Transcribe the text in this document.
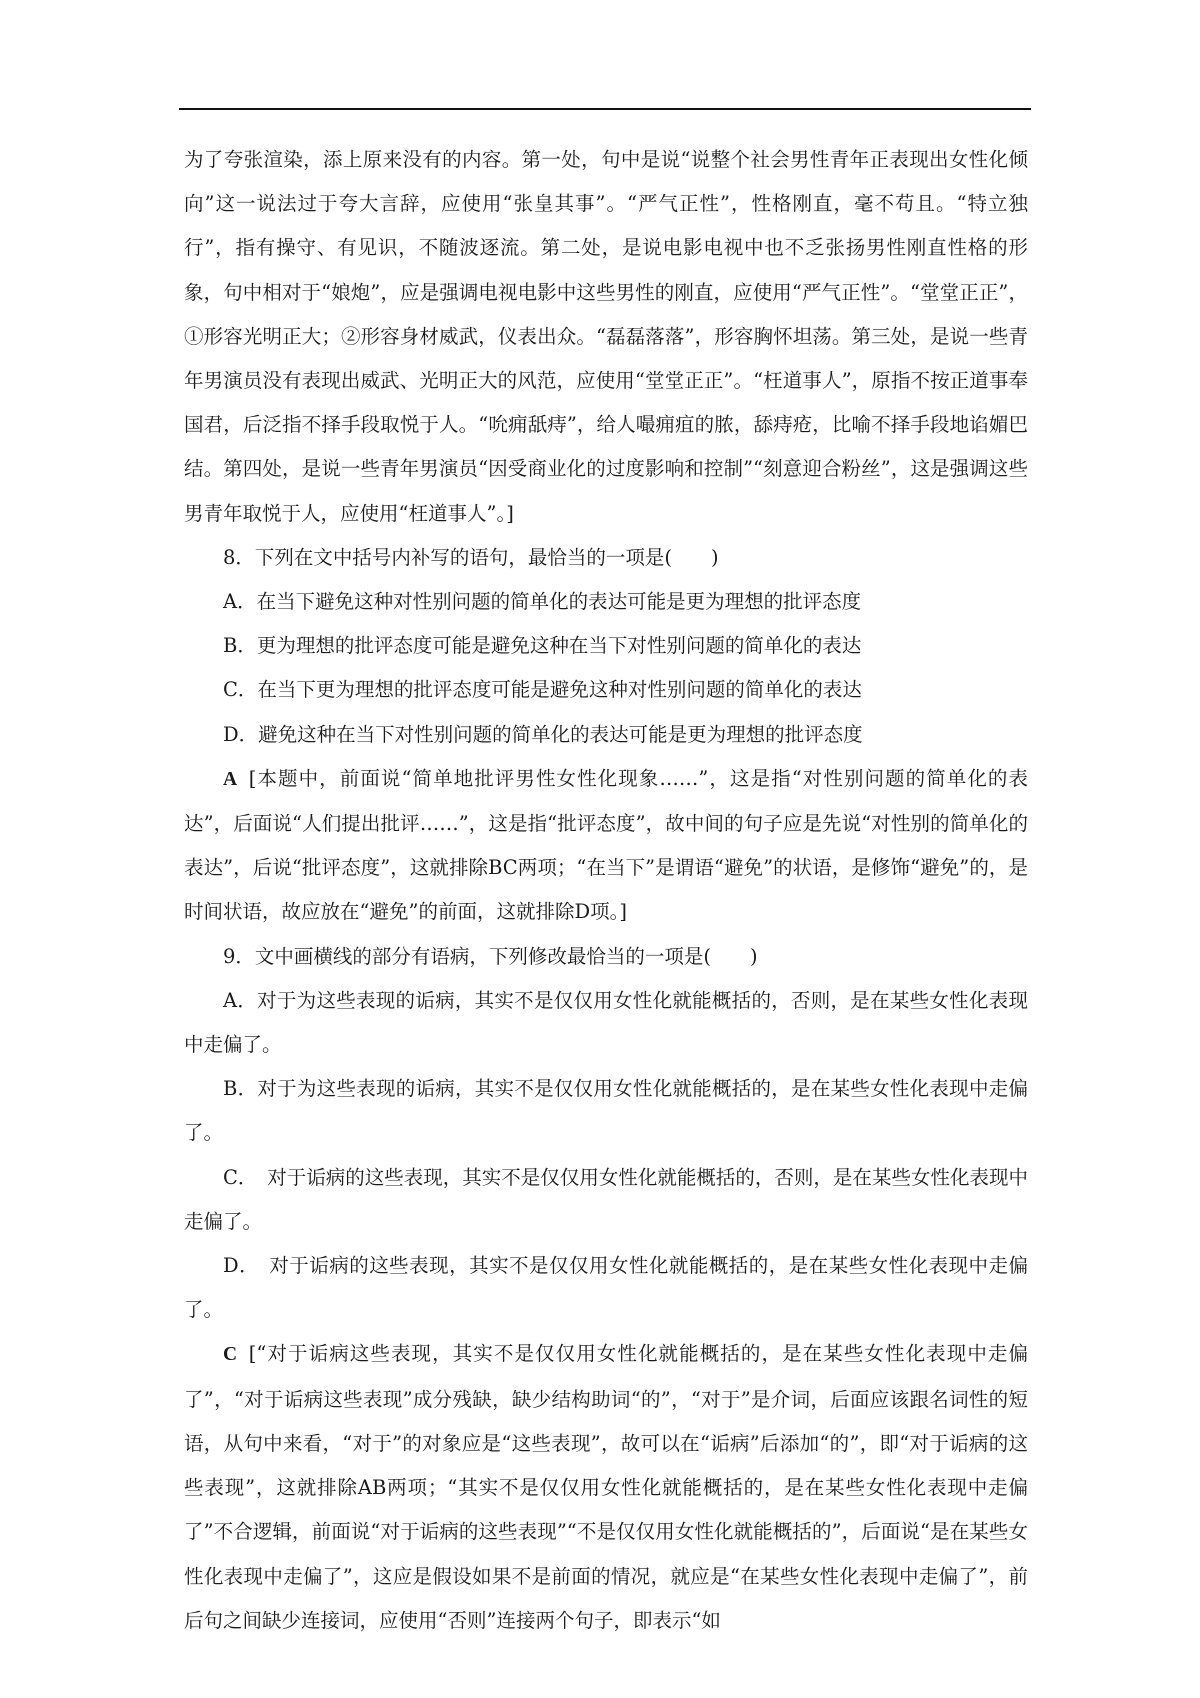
为了夸张渲染，添上原来没有的内容。第一处，句中是说“说整个社会男性青年正表现出女性化倾向”这一说法过于夸大言辞，应使用“张皇其事”。“严气正性”，性格刚直，毫不苟且。“特立独行”，指有操守、有见识，不随波逐流。第二处，是说电影电视中也不乏张扬男性刚直性格的形象，句中相对于“娘炮”，应是强调电视电影中这些男性的刚直，应使用“严气正性”。“堂堂正正”，①形容光明正大；②形容身材威武，仪表出众。“磊磊落落”，形容胸怀坦荡。第三处，是说一些青年男演员没有表现出威武、光明正大的风范，应使用“堂堂正正”。“枉道事人”，原指不按正道事奉国君，后泛指不择手段取悦于人。“吮痈舐痔”，给人嘬痈疽的脓，舔痔疮，比喻不择手段地谄媚巴结。第四处，是说一些青年男演员“因受商业化的过度影响和控制”“刻意迎合粉丝”，这是强调这些男青年取悦于人，应使用“枉道事人”。]

8．下列在文中括号内补写的语句，最恰当的一项是(　　)

A．在当下避免这种对性别问题的简单化的表达可能是更为理想的批评态度

B．更为理想的批评态度可能是避免这种在当下对性别问题的简单化的表达

C．在当下更为理想的批评态度可能是避免这种对性别问题的简单化的表达

D．避免这种在当下对性别问题的简单化的表达可能是更为理想的批评态度

A [本题中，前面说“简单地批评男性女性化现象……”，这是指“对性别问题的简单化的表达”，后面说“人们提出批评……”，这是指“批评态度”，故中间的句子应是先说“对性别的简单化的表达”，后说“批评态度”，这就排除BC两项；“在当下”是谓语“避免”的状语，是修饰“避免”的，是时间状语，故应放在“避免”的前面，这就排除D项。]

9．文中画横线的部分有语病，下列修改最恰当的一项是(　　)

A．对于为这些表现的诟病，其实不是仅仅用女性化就能概括的，否则，是在某些女性化表现中走偏了。

B．对于为这些表现的诟病，其实不是仅仅用女性化就能概括的，是在某些女性化表现中走偏了。

C．　对于诟病的这些表现，其实不是仅仅用女性化就能概括的，否则，是在某些女性化表现中走偏了。

D．　对于诟病的这些表现，其实不是仅仅用女性化就能概括的，是在某些女性化表现中走偏了。

C [“对于诟病这些表现，其实不是仅仅用女性化就能概括的，是在某些女性化表现中走偏了”，“对于诟病这些表现”成分残缺，缺少结构助词“的”，“对于”是介词，后面应该跟名词性的短语，从句中来看，“对于”的对象应是“这些表现”，故可以在“诟病”后添加“的”，即“对于诟病的这些表现”，这就排除AB两项；“其实不是仅仅用女性化就能概括的，是在某些女性化表现中走偏了”不合逻辑，前面说“对于诟病的这些表现”“不是仅仅用女性化就能概括的”，后面说“是在某些女性化表现中走偏了”，这应是假设如果不是前面的情况，就应是“在某些女性化表现中走偏了”，前后句之间缺少连接词，应使用“否则”连接两个句子，即表示“如
